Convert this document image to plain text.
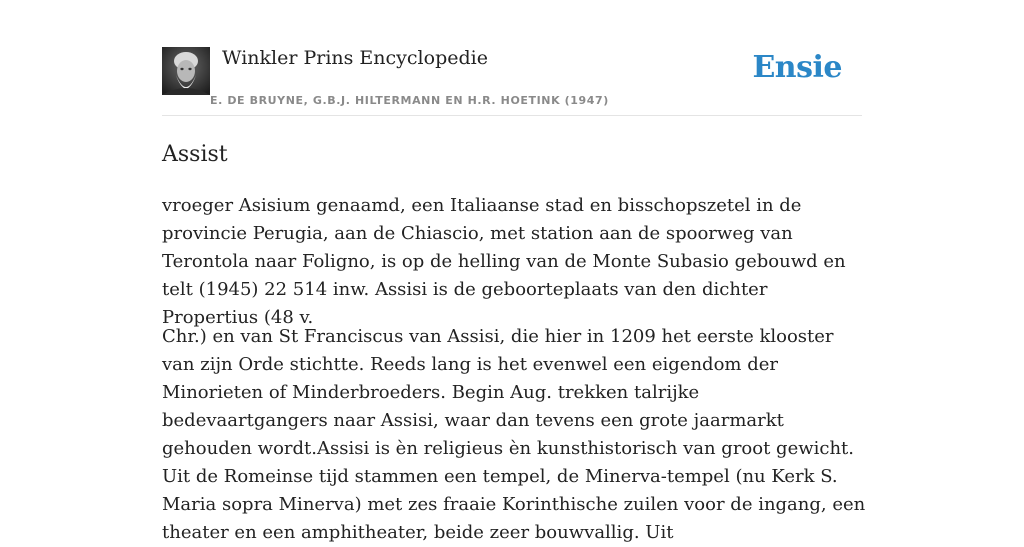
Winkler Prins Encyclopedie
E. DE BRUYNE, G.B.J. HILTERMANN EN H.R. HOETINK (1947)
Ensie
Assist

vroeger Asisium genaamd, een Italiaanse stad en bisschopszetel in de provincie Perugia, aan de Chiascio, met station aan de spoorweg van Terontola naar Foligno, is op de helling van de Monte Subasio gebouwd en telt (1945) 22 514 inw. Assisi is de geboorteplaats van den dichter Propertius (48 v.

Chr.) en van St Franciscus van Assisi, die hier in 1209 het eerste klooster van zijn Orde stichtte. Reeds lang is het evenwel een eigendom der Minorieten of Minderbroeders. Begin Aug. trekken talrijke bedevaartgangers naar Assisi, waar dan tevens een grote jaarmarkt gehouden wordt.Assisi is èn religieus èn kunsthistorisch van groot gewicht. Uit de Romeinse tijd stammen een tempel, de Minerva-tempel (nu Kerk S. Maria sopra Minerva) met zes fraaie Korinthische zuilen voor de ingang, een theater en een amphitheater, beide zeer bouwvallig. Uit
